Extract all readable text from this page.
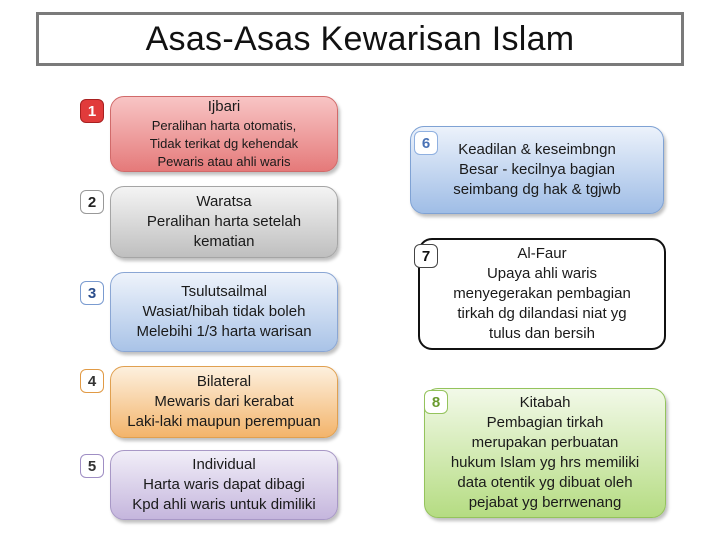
Asas-Asas Kewarisan Islam
1	Ijbari
Peralihan harta otomatis,
Tidak terikat dg kehendak
Pewaris atau ahli waris
2	Waratsa
Peralihan harta setelah
kematian
3	Tsulutsailmal
Wasiat/hibah tidak boleh
Melebihi 1/3 harta warisan
4	Bilateral
Mewaris dari kerabat
Laki-laki maupun perempuan
5	Individual
Harta waris dapat dibagi
Kpd ahli waris untuk dimiliki
Keadilan & keseimbngn
Besar - kecilnya bagian
seimbang dg hak & tgjwb
6
Al-Faur
Upaya ahli waris
menyegerakan pembagian
tirkah dg dilandasi niat yg
tulus dan bersih
7
Kitabah
Pembagian tirkah
merupakan perbuatan
hukum Islam yg hrs memiliki
data otentik yg dibuat oleh
pejabat yg berrwenang
8
